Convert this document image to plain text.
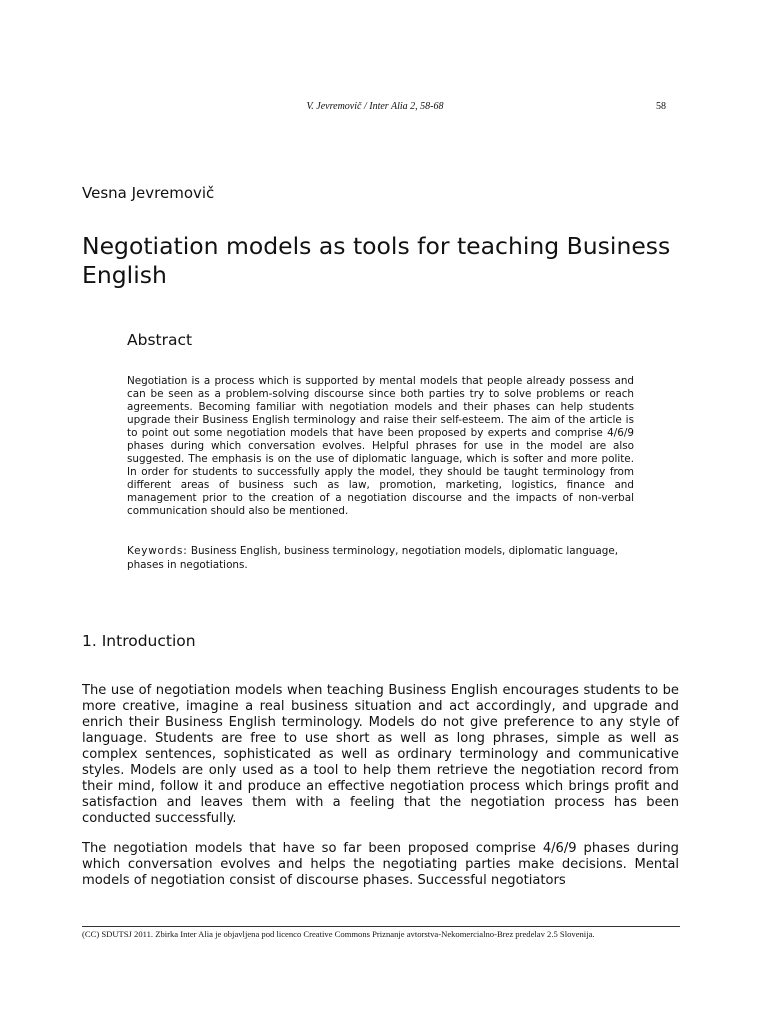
V. Jevremovič / Inter Alia 2, 58-68	58
Vesna Jevremovič
Negotiation models as tools for teaching Business English
Abstract

Negotiation is a process which is supported by mental models that people already possess and can be seen as a problem-solving discourse since both parties try to solve problems or reach agreements. Becoming familiar with negotiation models and their phases can help students upgrade their Business English terminology and raise their self-esteem. The aim of the article is to point out some negotiation models that have been proposed by experts and comprise 4/6/9 phases during which conversation evolves. Helpful phrases for use in the model are also suggested. The emphasis is on the use of diplomatic language, which is softer and more polite. In order for students to successfully apply the model, they should be taught terminology from different areas of business such as law, promotion, marketing, logistics, finance and management prior to the creation of a negotiation discourse and the impacts of non-verbal communication should also be mentioned.

Keywords: Business English, business terminology, negotiation models, diplomatic language, phases in negotiations.

1. Introduction

The use of negotiation models when teaching Business English encourages students to be more creative, imagine a real business situation and act accordingly, and upgrade and enrich their Business English terminology. Models do not give preference to any style of language. Students are free to use short as well as long phrases, simple as well as complex sentences, sophisticated as well as ordinary terminology and communicative styles. Models are only used as a tool to help them retrieve the negotiation record from their mind, follow it and produce an effective negotiation process which brings profit and satisfaction and leaves them with a feeling that the negotiation process has been conducted successfully.

The negotiation models that have so far been proposed comprise 4/6/9 phases during which conversation evolves and helps the negotiating parties make decisions. Mental models of negotiation consist of discourse phases. Successful negotiators

(CC) SDUTSJ 2011. Zbirka Inter Alia je objavljena pod licenco Creative Commons Priznanje avtorstva-Nekomercialno-Brez predelav 2.5 Slovenija.
